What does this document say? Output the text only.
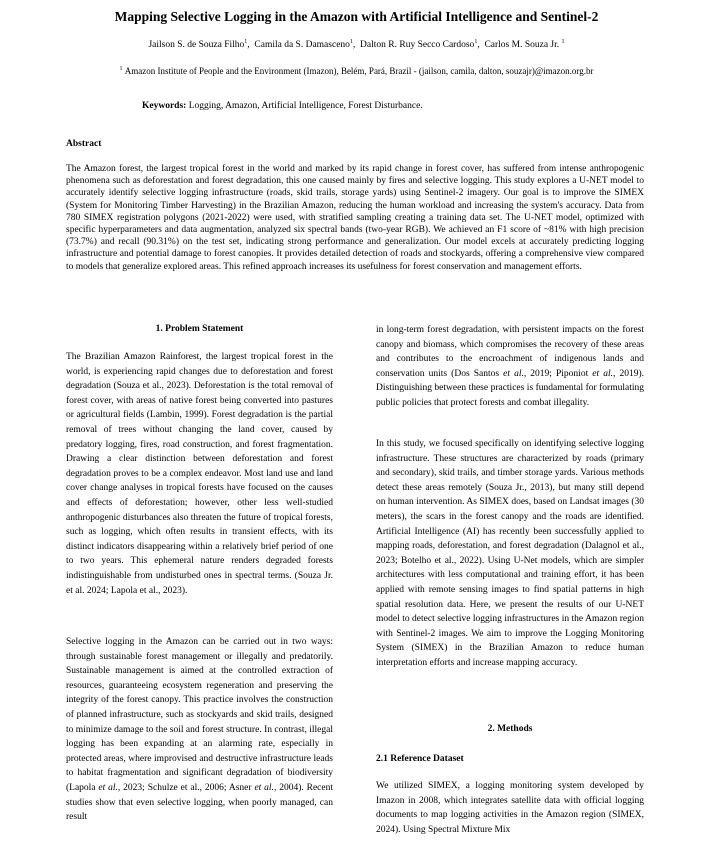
Mapping Selective Logging in the Amazon with Artificial Intelligence and Sentinel-2
Jailson S. de Souza Filho$^1$,  Camila da S. Damasceno$^1$,  Dalton R. Ruy Secco Cardoso$^1$,  Carlos M. Souza Jr. $^1$
$^1$ Amazon Institute of People and the Environment (Imazon), Belém, Pará, Brazil - (jailson, camila, dalton, souzajr)@imazon.org.br
Keywords: Logging, Amazon, Artificial Intelligence, Forest Disturbance.
Abstract

The Amazon forest, the largest tropical forest in the world and marked by its rapid change in forest cover, has suffered from intense anthropogenic phenomena such as deforestation and forest degradation, this one caused mainly by fires and selective logging. This study explores a U-NET model to accurately identify selective logging infrastructure (roads, skid trails, storage yards) using Sentinel-2 imagery. Our goal is to improve the SIMEX (System for Monitoring Timber Harvesting) in the Brazilian Amazon, reducing the human workload and increasing the system's accuracy. Data from 780 SIMEX registration polygons (2021-2022) were used, with stratified sampling creating a training data set. The U-NET model, optimized with specific hyperparameters and data augmentation, analyzed six spectral bands (two-year RGB). We achieved an F1 score of ~81% with high precision (73.7%) and recall (90.31%) on the test set, indicating strong performance and generalization. Our model excels at accurately predicting logging infrastructure and potential damage to forest canopies. It provides detailed detection of roads and stockyards, offering a comprehensive view compared to models that generalize explored areas. This refined approach increases its usefulness for forest conservation and management efforts.

1. Problem Statement

The Brazilian Amazon Rainforest, the largest tropical forest in the world, is experiencing rapid changes due to deforestation and forest degradation (Souza et al., 2023). Deforestation is the total removal of forest cover, with areas of native forest being converted into pastures or agricultural fields (Lambin, 1999). Forest degradation is the partial removal of trees without changing the land cover, caused by predatory logging, fires, road construction, and forest fragmentation. Drawing a clear distinction between deforestation and forest degradation proves to be a complex endeavor. Most land use and land cover change analyses in tropical forests have focused on the causes and effects of deforestation; however, other less well-studied anthropogenic disturbances also threaten the future of tropical forests, such as logging, which often results in transient effects, with its distinct indicators disappearing within a relatively brief period of one to two years. This ephemeral nature renders degraded forests indistinguishable from undisturbed ones in spectral terms. (Souza Jr. et al. 2024; Lapola et al., 2023).

Selective logging in the Amazon can be carried out in two ways: through sustainable forest management or illegally and predatorily. Sustainable management is aimed at the controlled extraction of resources, guaranteeing ecosystem regeneration and preserving the integrity of the forest canopy. This practice involves the construction of planned infrastructure, such as stockyards and skid trails, designed to minimize damage to the soil and forest structure. In contrast, illegal logging has been expanding at an alarming rate, especially in protected areas, where improvised and destructive infrastructure leads to habitat fragmentation and significant degradation of biodiversity (Lapola et al., 2023; Schulze et al., 2006; Asner et al., 2004). Recent studies show that even selective logging, when poorly managed, can result

in long-term forest degradation, with persistent impacts on the forest canopy and biomass, which compromises the recovery of these areas and contributes to the encroachment of indigenous lands and conservation units (Dos Santos et al., 2019; Piponiot et al., 2019). Distinguishing between these practices is fundamental for formulating public policies that protect forests and combat illegality.

In this study, we focused specifically on identifying selective logging infrastructure. These structures are characterized by roads (primary and secondary), skid trails, and timber storage yards. Various methods detect these areas remotely (Souza Jr., 2013), but many still depend on human intervention. As SIMEX does, based on Landsat images (30 meters), the scars in the forest canopy and the roads are identified. Artificial Intelligence (AI) has recently been successfully applied to mapping roads, deforestation, and forest degradation (Dalagnol et al., 2023; Botelho et al., 2022). Using U-Net models, which are simpler architectures with less computational and training effort, it has been applied with remote sensing images to find spatial patterns in high spatial resolution data. Here, we present the results of our U-NET model to detect selective logging infrastructures in the Amazon region with Sentinel-2 images. We aim to improve the Logging Monitoring System (SIMEX) in the Brazilian Amazon to reduce human interpretation efforts and increase mapping accuracy.

2. Methods
2.1 Reference Dataset

We utilized SIMEX, a logging monitoring system developed by Imazon in 2008, which integrates satellite data with official logging documents to map logging activities in the Amazon region (SIMEX, 2024). Using Spectral Mixture Mix
